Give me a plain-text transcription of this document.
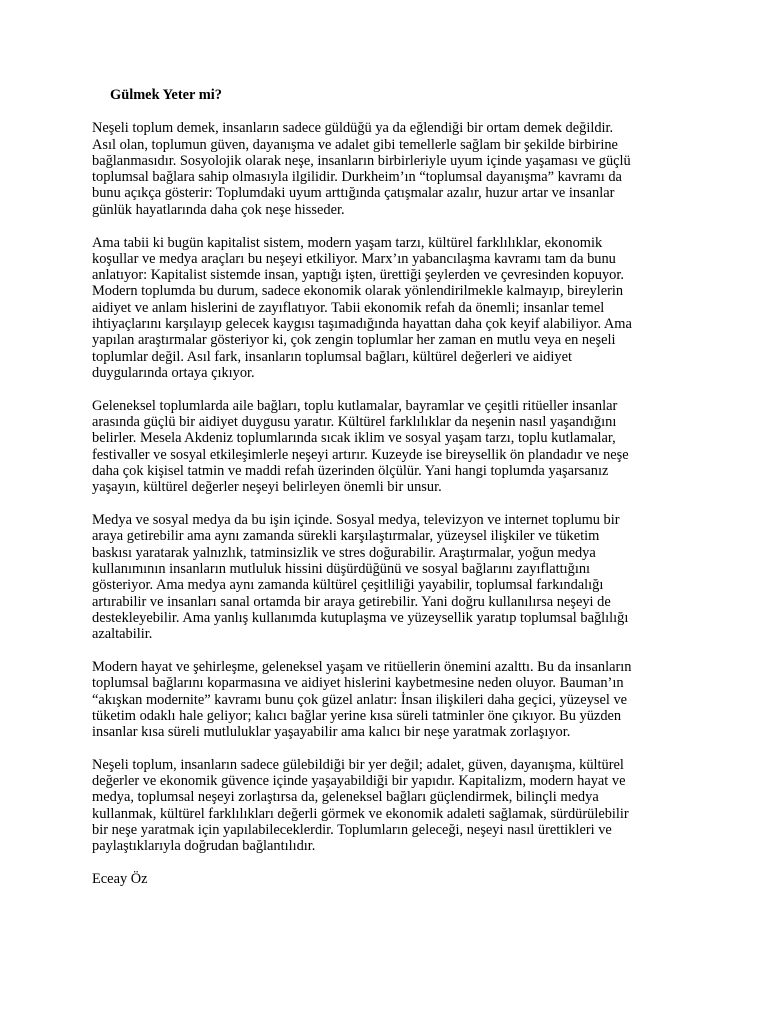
Gülmek Yeter mi?

Neşeli toplum demek, insanların sadece güldüğü ya da eğlendiği bir ortam demek değildir.
Asıl olan, toplumun güven, dayanışma ve adalet gibi temellerle sağlam bir şekilde birbirine
bağlanmasıdır. Sosyolojik olarak neşe, insanların birbirleriyle uyum içinde yaşaması ve güçlü
toplumsal bağlara sahip olmasıyla ilgilidir. Durkheim’ın “toplumsal dayanışma” kavramı da
bunu açıkça gösterir: Toplumdaki uyum arttığında çatışmalar azalır, huzur artar ve insanlar
günlük hayatlarında daha çok neşe hisseder.

Ama tabii ki bugün kapitalist sistem, modern yaşam tarzı, kültürel farklılıklar, ekonomik
koşullar ve medya araçları bu neşeyi etkiliyor. Marx’ın yabancılaşma kavramı tam da bunu
anlatıyor: Kapitalist sistemde insan, yaptığı işten, ürettiği şeylerden ve çevresinden kopuyor.
Modern toplumda bu durum, sadece ekonomik olarak yönlendirilmekle kalmayıp, bireylerin
aidiyet ve anlam hislerini de zayıflatıyor. Tabii ekonomik refah da önemli; insanlar temel
ihtiyaçlarını karşılayıp gelecek kaygısı taşımadığında hayattan daha çok keyif alabiliyor. Ama
yapılan araştırmalar gösteriyor ki, çok zengin toplumlar her zaman en mutlu veya en neşeli
toplumlar değil. Asıl fark, insanların toplumsal bağları, kültürel değerleri ve aidiyet
duygularında ortaya çıkıyor.

Geleneksel toplumlarda aile bağları, toplu kutlamalar, bayramlar ve çeşitli ritüeller insanlar
arasında güçlü bir aidiyet duygusu yaratır. Kültürel farklılıklar da neşenin nasıl yaşandığını
belirler. Mesela Akdeniz toplumlarında sıcak iklim ve sosyal yaşam tarzı, toplu kutlamalar,
festivaller ve sosyal etkileşimlerle neşeyi artırır. Kuzeyde ise bireysellik ön plandadır ve neşe
daha çok kişisel tatmin ve maddi refah üzerinden ölçülür. Yani hangi toplumda yaşarsanız
yaşayın, kültürel değerler neşeyi belirleyen önemli bir unsur.

Medya ve sosyal medya da bu işin içinde. Sosyal medya, televizyon ve internet toplumu bir
araya getirebilir ama aynı zamanda sürekli karşılaştırmalar, yüzeysel ilişkiler ve tüketim
baskısı yaratarak yalnızlık, tatminsizlik ve stres doğurabilir. Araştırmalar, yoğun medya
kullanımının insanların mutluluk hissini düşürdüğünü ve sosyal bağlarını zayıflattığını
gösteriyor. Ama medya aynı zamanda kültürel çeşitliliği yayabilir, toplumsal farkındalığı
artırabilir ve insanları sanal ortamda bir araya getirebilir. Yani doğru kullanılırsa neşeyi de
destekleyebilir. Ama yanlış kullanımda kutuplaşma ve yüzeysellik yaratıp toplumsal bağlılığı
azaltabilir.

Modern hayat ve şehirleşme, geleneksel yaşam ve ritüellerin önemini azalttı. Bu da insanların
toplumsal bağlarını koparmasına ve aidiyet hislerini kaybetmesine neden oluyor. Bauman’ın
“akışkan modernite” kavramı bunu çok güzel anlatır: İnsan ilişkileri daha geçici, yüzeysel ve
tüketim odaklı hale geliyor; kalıcı bağlar yerine kısa süreli tatminler öne çıkıyor. Bu yüzden
insanlar kısa süreli mutluluklar yaşayabilir ama kalıcı bir neşe yaratmak zorlaşıyor.

Neşeli toplum, insanların sadece gülebildiği bir yer değil; adalet, güven, dayanışma, kültürel
değerler ve ekonomik güvence içinde yaşayabildiği bir yapıdır. Kapitalizm, modern hayat ve
medya, toplumsal neşeyi zorlaştırsa da, geleneksel bağları güçlendirmek, bilinçli medya
kullanmak, kültürel farklılıkları değerli görmek ve ekonomik adaleti sağlamak, sürdürülebilir
bir neşe yaratmak için yapılabileceklerdir. Toplumların geleceği, neşeyi nasıl ürettikleri ve
paylaştıklarıyla doğrudan bağlantılıdır.

Eceay Öz
